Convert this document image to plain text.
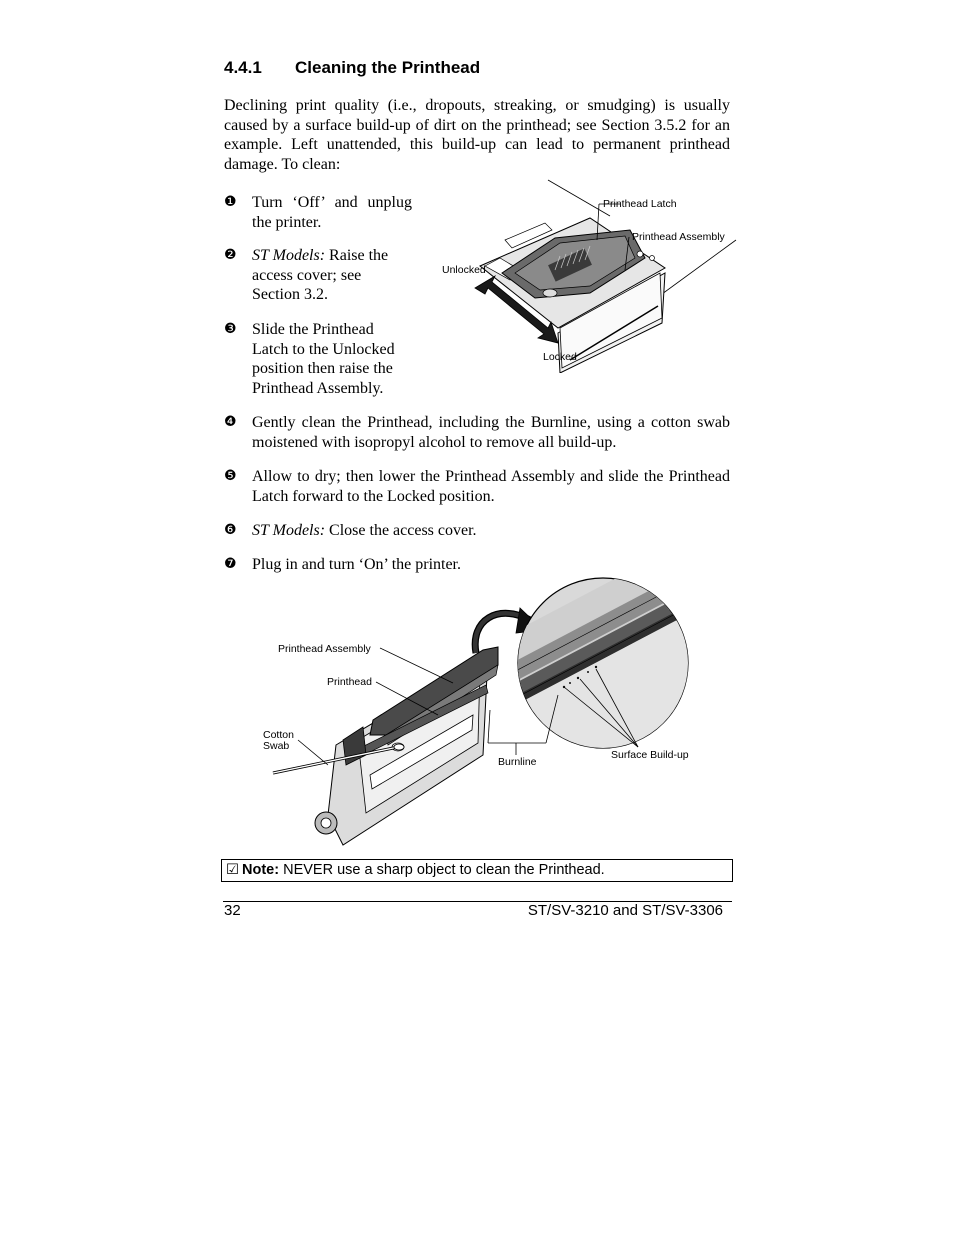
4.4.1 Cleaning the Printhead
Declining print quality (i.e., dropouts, streaking, or smudging) is usually caused by a surface build-up of dirt on the printhead; see Section 3.5.2 for an example. Left unattended, this build-up can lead to permanent printhead damage. To clean:
❶ Turn ‘Off’ and unplug the printer.
❷ ST Models: Raise the access cover; see Section 3.2.
❸ Slide the Printhead Latch to the Unlocked position then raise the Printhead Assembly.
❹ Gently clean the Printhead, including the Burnline, using a cotton swab moistened with isopropyl alcohol to remove all build-up.
❺ Allow to dry; then lower the Printhead Assembly and slide the Printhead Latch forward to the Locked position.
❻ ST Models: Close the access cover.
❼ Plug in and turn ‘On’ the printer.
Printhead Latch
Printhead Assembly
Unlocked
Locked
Printhead Assembly
Printhead
Cotton
Swab
Burnline
Surface Build-up
☑ Note: NEVER use a sharp object to clean the Printhead.
32	ST/SV-3210 and ST/SV-3306
